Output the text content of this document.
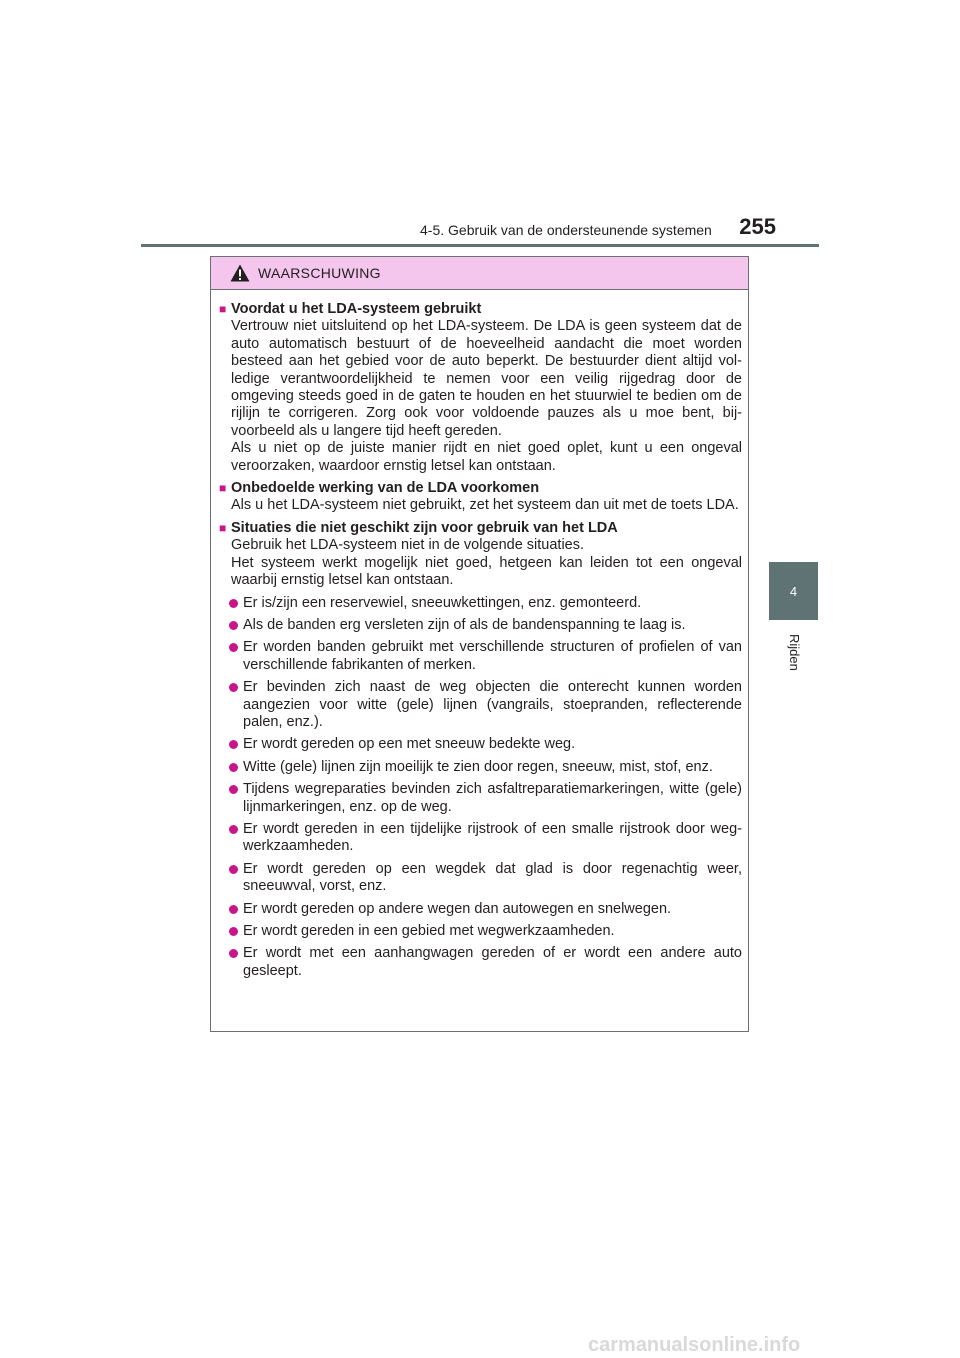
255
4-5. Gebruik van de ondersteunende systemen
4
Rijden
WAARSCHUWING
■ Voordat u het LDA-systeem gebruikt
Vertrouw niet uitsluitend op het LDA-systeem. De LDA is geen systeem dat de auto automatisch bestuurt of de hoeveelheid aandacht die moet worden besteed aan het gebied voor de auto beperkt. De bestuurder dient altijd vol-ledige verantwoordelijkheid te nemen voor een veilig rijgedrag door de omgeving steeds goed in de gaten te houden en het stuurwiel te bedien om de rijlijn te corrigeren. Zorg ook voor voldoende pauzes als u moe bent, bij-voorbeeld als u langere tijd heeft gereden.
Als u niet op de juiste manier rijdt en niet goed oplet, kunt u een ongeval veroorzaken, waardoor ernstig letsel kan ontstaan.
■ Onbedoelde werking van de LDA voorkomen
Als u het LDA-systeem niet gebruikt, zet het systeem dan uit met de toets LDA.
■ Situaties die niet geschikt zijn voor gebruik van het LDA
Gebruik het LDA-systeem niet in de volgende situaties.
Het systeem werkt mogelijk niet goed, hetgeen kan leiden tot een ongeval waarbij ernstig letsel kan ontstaan.
Er is/zijn een reservewiel, sneeuwkettingen, enz. gemonteerd.
Als de banden erg versleten zijn of als de bandenspanning te laag is.
Er worden banden gebruikt met verschillende structuren of profielen of van verschillende fabrikanten of merken.
Er bevinden zich naast de weg objecten die onterecht kunnen worden aangezien voor witte (gele) lijnen (vangrails, stoepranden, reflecterende palen, enz.).
Er wordt gereden op een met sneeuw bedekte weg.
Witte (gele) lijnen zijn moeilijk te zien door regen, sneeuw, mist, stof, enz.
Tijdens wegreparaties bevinden zich asfaltreparatiemarkeringen, witte (gele) lijnmarkeringen, enz. op de weg.
Er wordt gereden in een tijdelijke rijstrook of een smalle rijstrook door weg-werkzaamheden.
Er wordt gereden op een wegdek dat glad is door regenachtig weer, sneeuwval, vorst, enz.
Er wordt gereden op andere wegen dan autowegen en snelwegen.
Er wordt gereden in een gebied met wegwerkzaamheden.
Er wordt met een aanhangwagen gereden of er wordt een andere auto gesleept.
carmanualsonline.info
